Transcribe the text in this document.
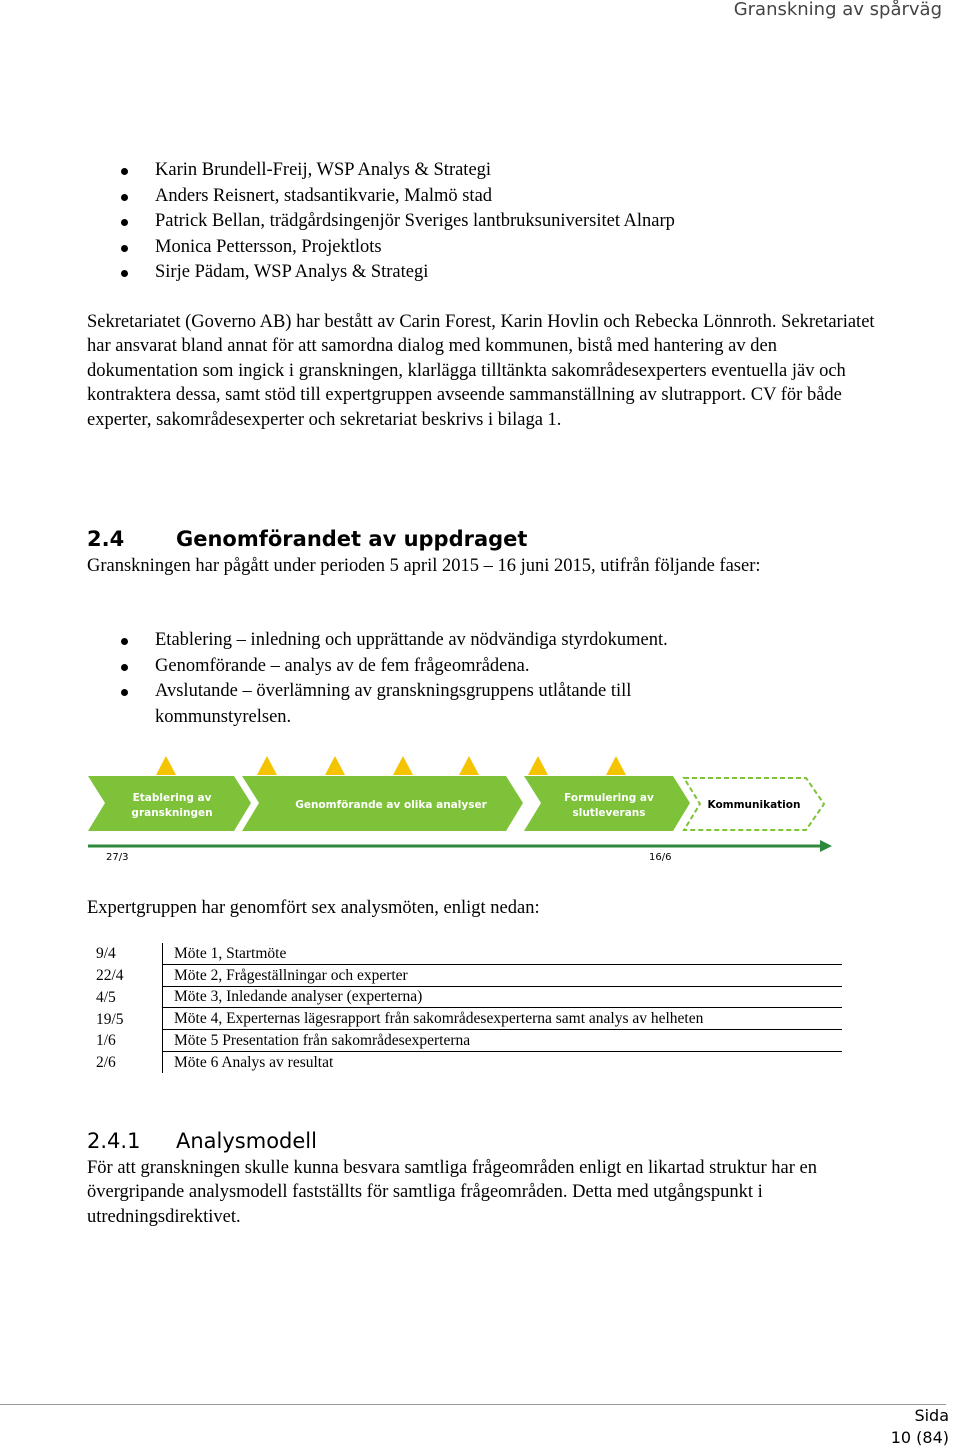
Granskning av spårväg
Karin Brundell-Freij, WSP Analys & Strategi
Anders Reisnert, stadsantikvarie, Malmö stad
Patrick Bellan, trädgårdsingenjör Sveriges lantbruksuniversitet Alnarp
Monica Pettersson, Projektlots
Sirje Pädam, WSP Analys & Strategi

Sekretariatet (Governo AB) har bestått av Carin Forest, Karin Hovlin och Rebecka Lönnroth. Sekretariatet har ansvarat bland annat för att samordna dialog med kommunen, bistå med hantering av den dokumentation som ingick i granskningen, klarlägga tilltänkta sakområdesexperters eventuella jäv och kontraktera dessa, samt stöd till expertgruppen avseende sammanställning av slutrapport. CV för både experter, sakområdesexperter och sekretariat beskrivs i bilaga 1.

2.4 Genomförandet av uppdraget

Granskningen har pågått under perioden 5 april 2015 – 16 juni 2015, utifrån följande faser:

Etablering – inledning och upprättande av nödvändiga styrdokument.
Genomförande – analys av de fem frågeområdena.
Avslutande – överlämning av granskningsgruppens utlåtande till kommunstyrelsen.
Etablering av
granskningen
Genomförande av olika analyser
Formulering av
slutleverans
Kommunikation
27/3	16/6

Expertgruppen har genomfört sex analysmöten, enligt nedan:

9/4	Möte 1, Startmöte
22/4	Möte 2, Frågeställningar och experter
4/5	Möte 3, Inledande analyser (experterna)
19/5	Möte 4, Experternas lägesrapport från sakområdesexperterna samt analys av helheten
1/6	Möte 5 Presentation från sakområdesexperterna
2/6	Möte 6 Analys av resultat
2.4.1 Analysmodell

För att granskningen skulle kunna besvara samtliga frågeområden enligt en likartad struktur har en övergripande analysmodell fastställts för samtliga frågeområden. Detta med utgångspunkt i utredningsdirektivet.

Sida
10 (84)
